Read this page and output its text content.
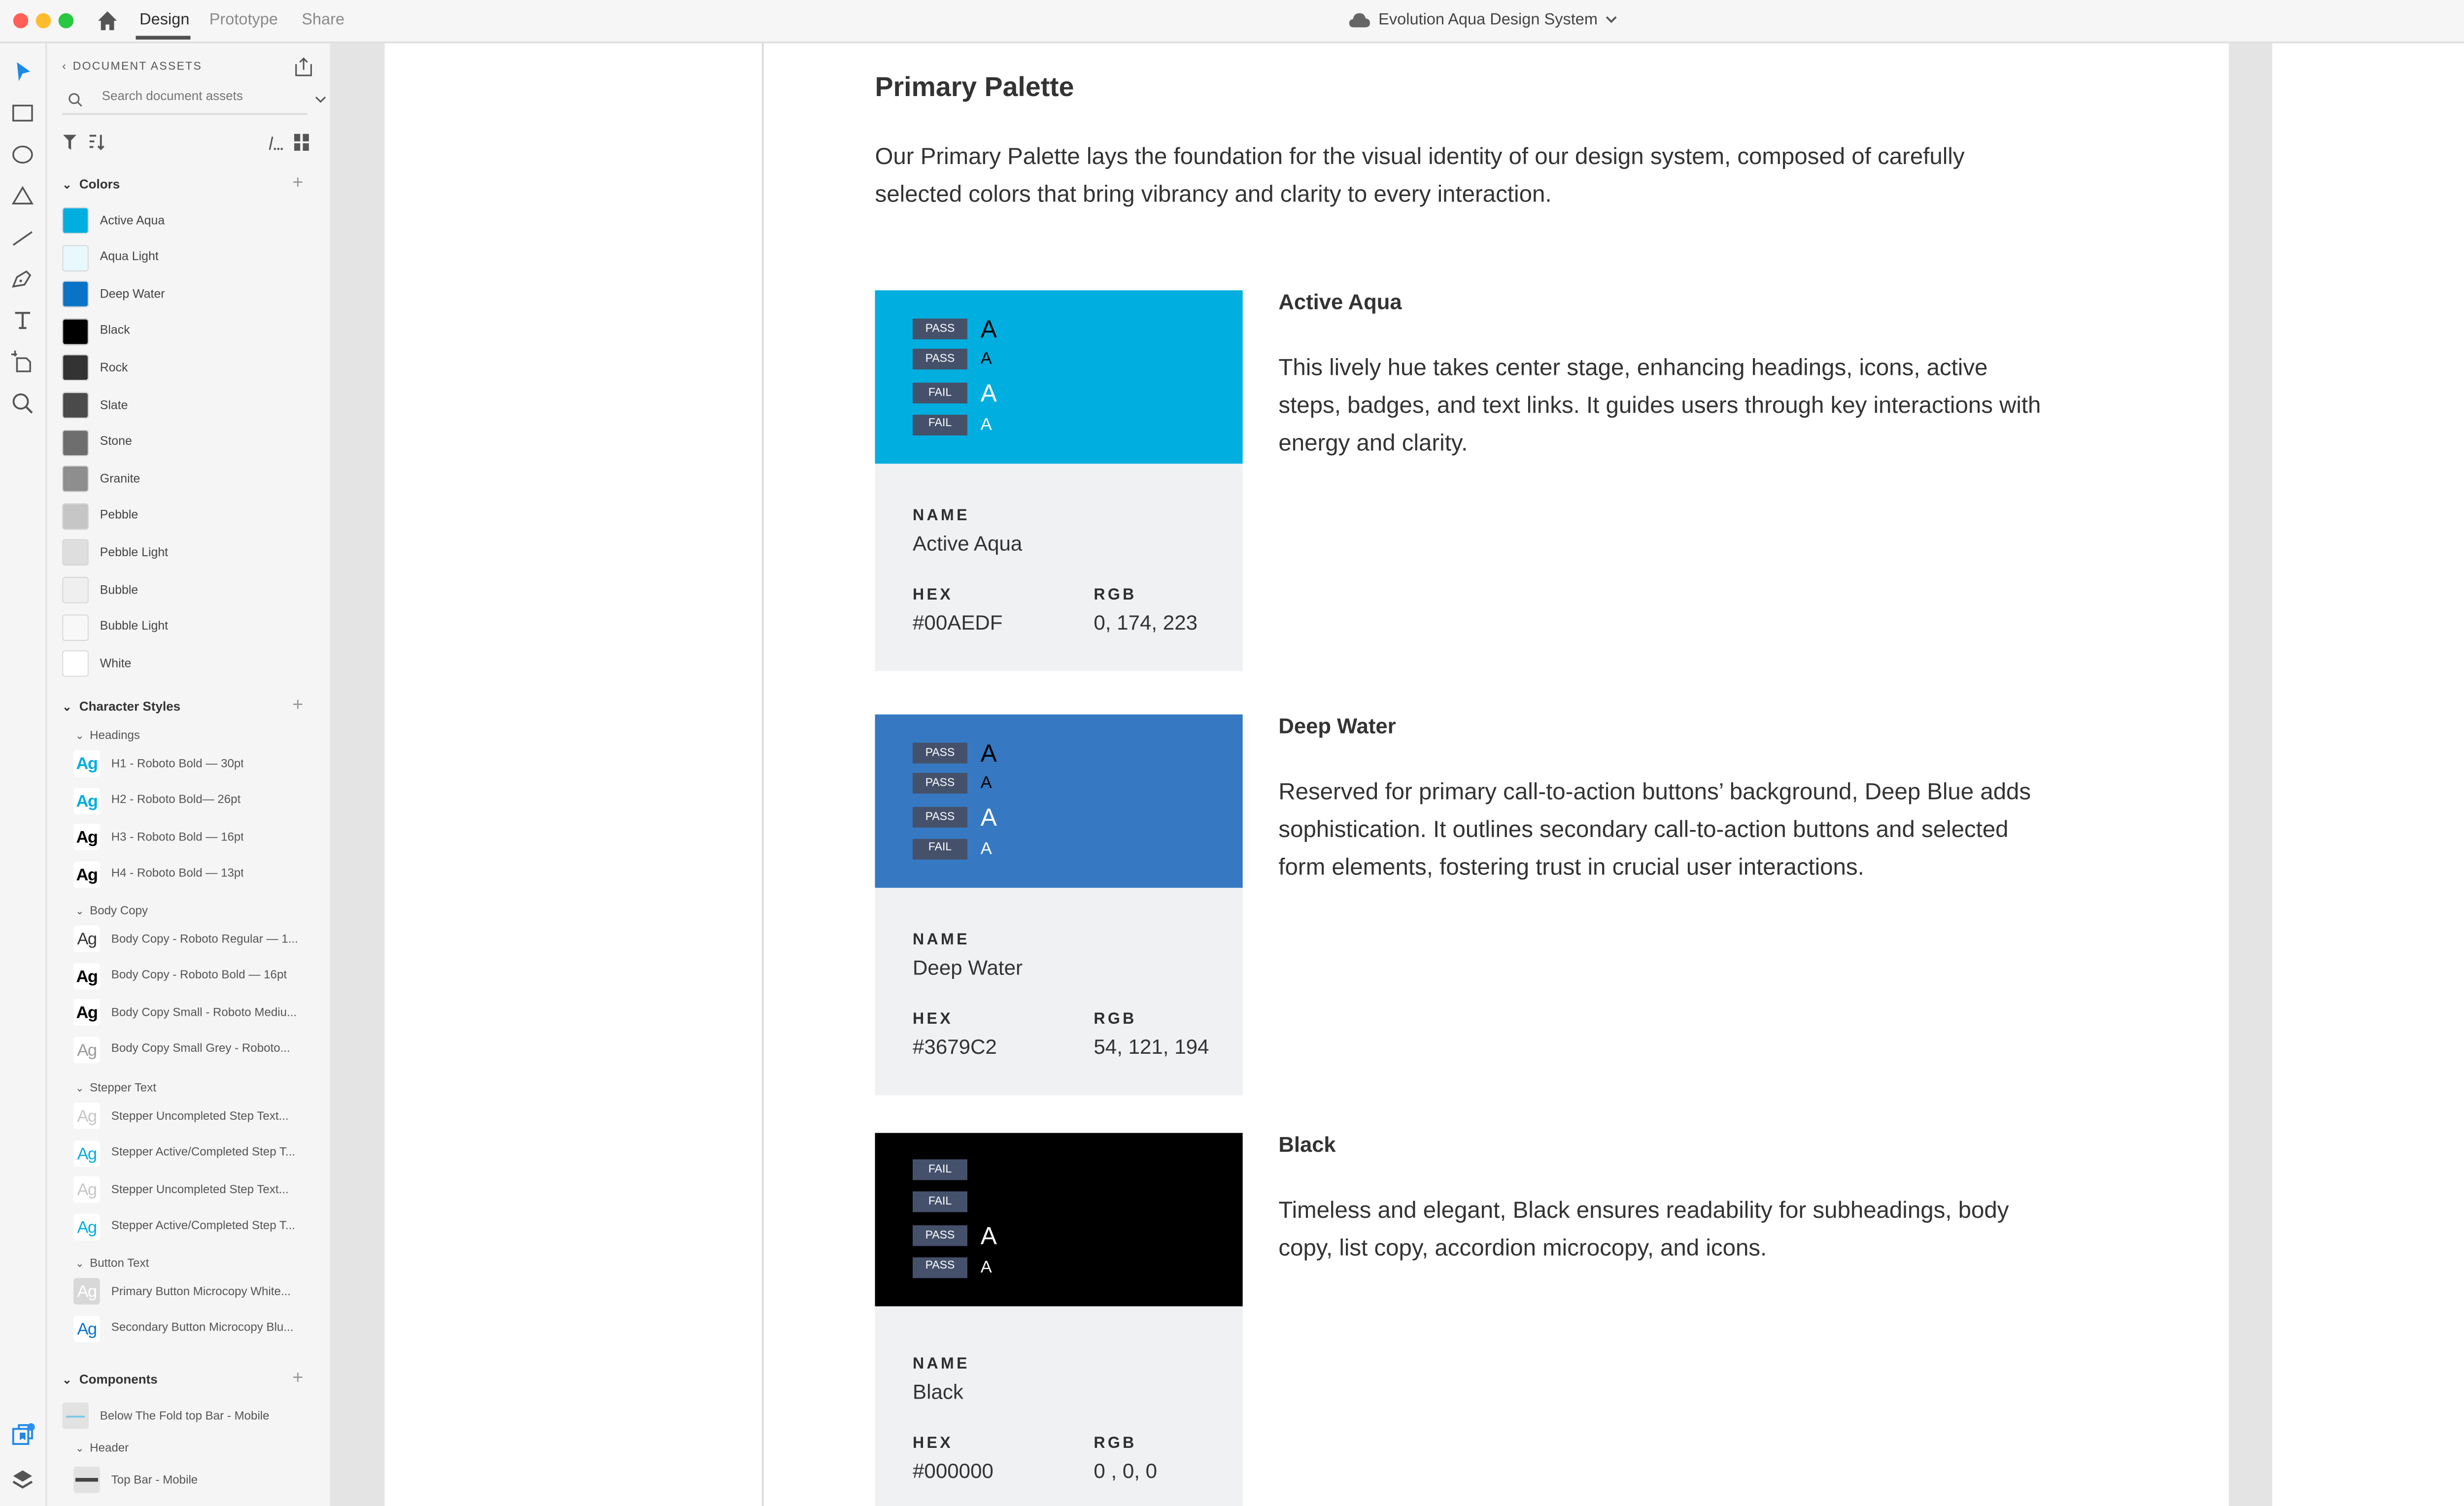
Design	Prototype	Share	Evolution Aqua Design System
‹ DOCUMENT ASSETS
Search document assets
⌄ Colors	+
⌄ Character Styles	+
⌄ Components	+
Below The Fold top Bar - Mobile
⌄ Header
Top Bar - Mobile
Active Aqua
Aqua Light
Deep Water
Black
Rock
Slate
Stone
Granite
Pebble
Pebble Light
Bubble
Bubble Light
White
⌄ Headings
Ag	H1 - Roboto Bold — 30pt
Ag	H2 - Roboto Bold— 26pt
Ag	H3 - Roboto Bold — 16pt
Ag	H4 - Roboto Bold — 13pt
⌄ Body Copy
Ag	Body Copy - Roboto Regular — 1...
Ag	Body Copy - Roboto Bold — 16pt
Ag	Body Copy Small - Roboto Mediu...
Ag	Body Copy Small Grey - Roboto...
⌄ Stepper Text
Ag	Stepper Uncompleted Step Text...
Ag	Stepper Active/Completed Step T...
Ag	Stepper Uncompleted Step Text...
Ag	Stepper Active/Completed Step T...
⌄ Button Text
Ag	Primary Button Microcopy White...
Ag	Secondary Button Microcopy Blu...
Primary Palette
Our Primary Palette lays the foundation for the visual identity of our design system, composed of carefully selected colors that bring vibrancy and clarity to every interaction.
PASS	A
PASS	A
FAIL	A
FAIL	A
NAME
Active Aqua
HEX
#00AEDF
RGB
0, 174, 223
Active Aqua
This lively hue takes center stage, enhancing headings, icons, active steps, badges, and text links. It guides users through key interactions with energy and clarity.
PASS	A
PASS	A
PASS	A
FAIL	A
NAME
Deep Water
HEX
#3679C2
RGB
54, 121, 194
Deep Water
Reserved for primary call-to-action buttons’ background, Deep Blue adds sophistication. It outlines secondary call-to-action buttons and selected form elements, fostering trust in crucial user interactions.
FAIL
FAIL
PASS	A
PASS	A
NAME
Black
HEX
#000000
RGB
0 , 0, 0
Black
Timeless and elegant, Black ensures readability for subheadings, body copy, list copy, accordion microcopy, and icons.
